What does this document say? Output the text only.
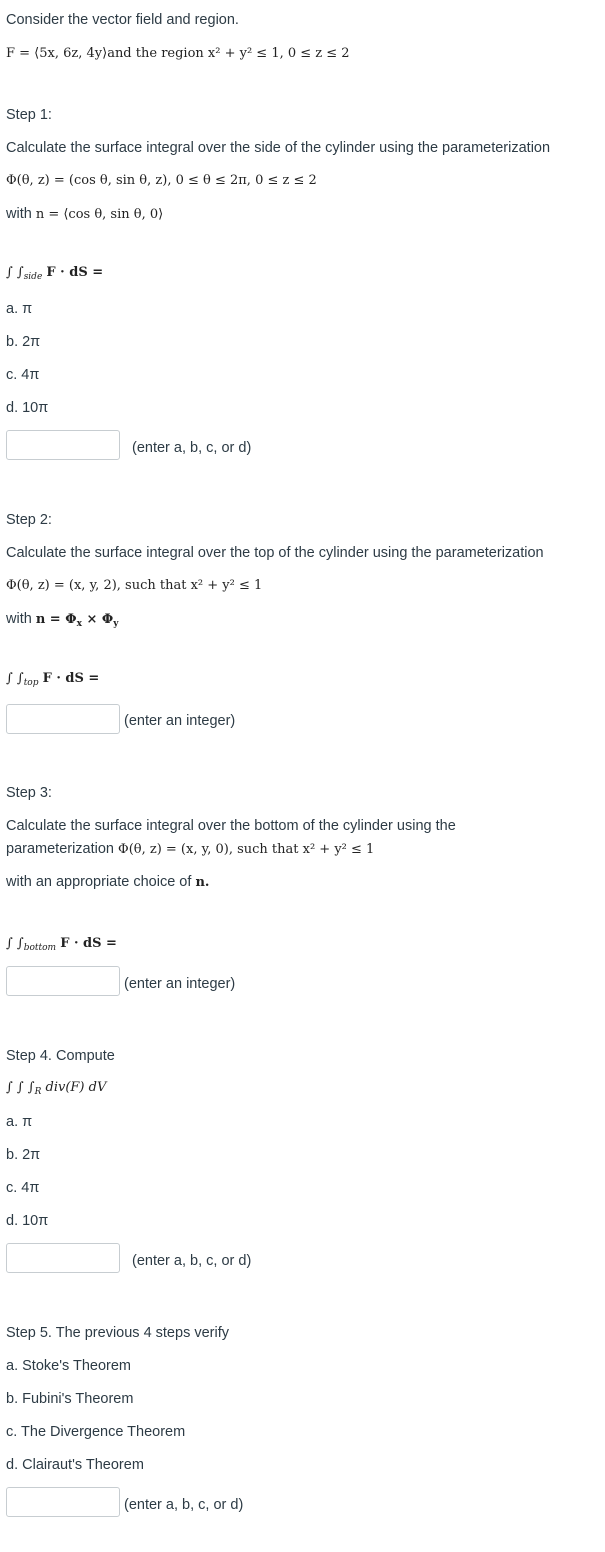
Consider the vector field and region.
F = ⟨5x, 6z, 4y⟩and the region x² + y² ≤ 1, 0 ≤ z ≤ 2
Step 1:
Calculate the surface integral over the side of the cylinder using the parameterization
Φ(θ, z) = (cos θ, sin θ, z), 0 ≤ θ ≤ 2π, 0 ≤ z ≤ 2
with n = ⟨cos θ, sin θ, 0⟩
∫ $\int_{side}$ F · dS =
a. π
b. 2π
c. 4π
d. 10π
(enter a, b, c, or d)
Step 2:
Calculate the surface integral over the top of the cylinder using the parameterization
Φ(θ, z) = (x, y, 2), such that x² + y² ≤ 1
with $n = \Phi_x \times \Phi_y$
∫ $\int_{top}$ F · dS =
(enter an integer)
Step 3:
Calculate the surface integral over the bottom of the cylinder using the
parameterization Φ(θ, z) = (x, y, 0), such that x² + y² ≤ 1
with an appropriate choice of n.
∫ $\int_{bottom}$ F · dS =
(enter an integer)
Step 4. Compute
∫ ∫ $\int_R$ div(F) dV
a. π
b. 2π
c. 4π
d. 10π
(enter a, b, c, or d)
Step 5. The previous 4 steps verify
a. Stoke's Theorem
b. Fubini's Theorem
c. The Divergence Theorem
d. Clairaut's Theorem
(enter a, b, c, or d)
